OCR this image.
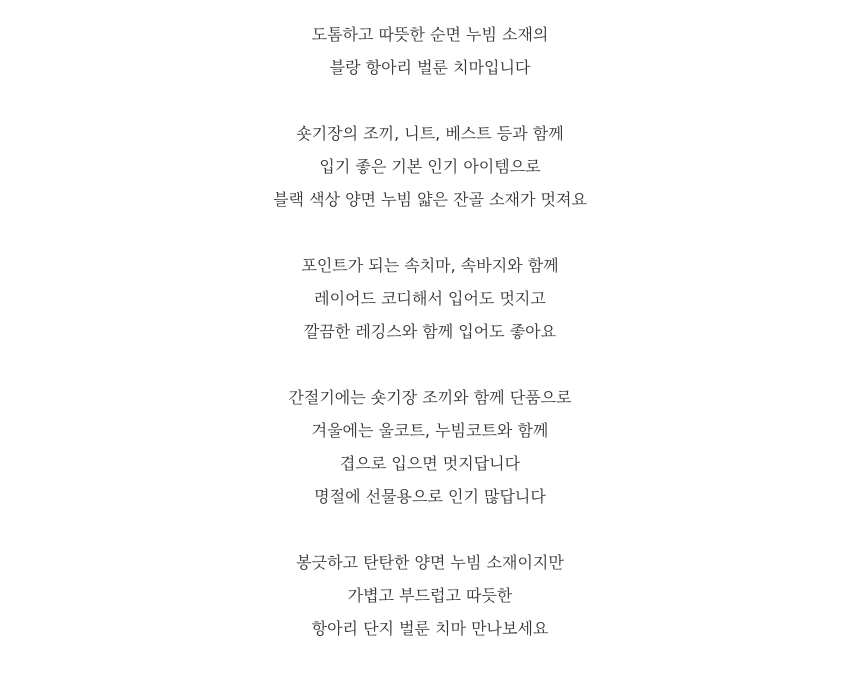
도톰하고 따뜻한 순면 누빔 소재의
블랑 항아리 벌룬 치마입니다
숏기장의 조끼, 니트, 베스트 등과 함께
입기 좋은 기본 인기 아이템으로
블랙 색상 양면 누빔 얇은 잔골 소재가 멋져요
포인트가 되는 속치마, 속바지와 함께
레이어드 코디해서 입어도 멋지고
깔끔한 레깅스와 함께 입어도 좋아요
간절기에는 숏기장 조끼와 함께 단품으로
겨울에는 울코트, 누빔코트와 함께
겹으로 입으면 멋지답니다
명절에 선물용으로 인기 많답니다
봉긋하고 탄탄한 양면 누빔 소재이지만
가볍고 부드럽고 따듯한
항아리 단지 벌룬 치마 만나보세요
